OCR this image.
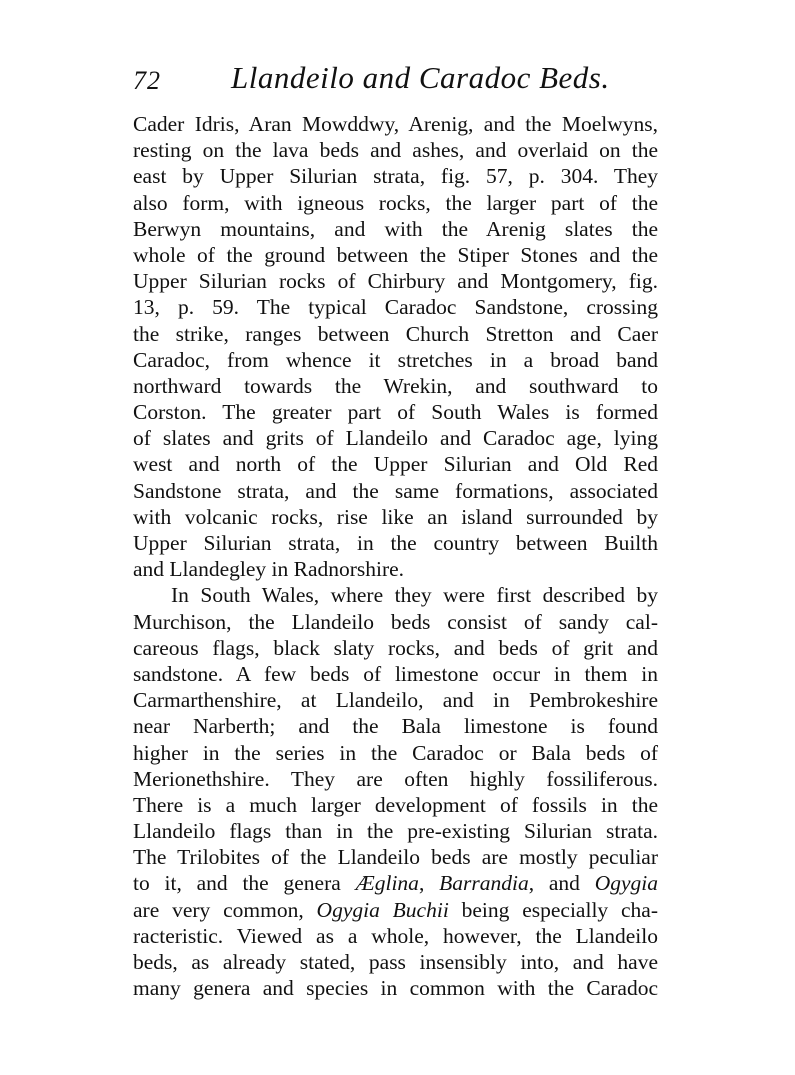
72 Llandeilo and Caradoc Beds.
Cader Idris, Aran Mowddwy, Arenig, and the Moelwyns,
resting on the lava beds and ashes, and overlaid on the
east by Upper Silurian strata, fig. 57, p. 304. They
also form, with igneous rocks, the larger part of the
Berwyn mountains, and with the Arenig slates the
whole of the ground between the Stiper Stones and the
Upper Silurian rocks of Chirbury and Montgomery, fig.
13, p. 59. The typical Caradoc Sandstone, crossing
the strike, ranges between Church Stretton and Caer
Caradoc, from whence it stretches in a broad band
northward towards the Wrekin, and southward to
Corston. The greater part of South Wales is formed
of slates and grits of Llandeilo and Caradoc age, lying
west and north of the Upper Silurian and Old Red
Sandstone strata, and the same formations, associated
with volcanic rocks, rise like an island surrounded by
Upper Silurian strata, in the country between Builth
and Llandegley in Radnorshire.
In South Wales, where they were first described by
Murchison, the Llandeilo beds consist of sandy cal-
careous flags, black slaty rocks, and beds of grit and
sandstone. A few beds of limestone occur in them in
Carmarthenshire, at Llandeilo, and in Pembrokeshire
near Narberth; and the Bala limestone is found
higher in the series in the Caradoc or Bala beds of
Merionethshire. They are often highly fossiliferous.
There is a much larger development of fossils in the
Llandeilo flags than in the pre-existing Silurian strata.
The Trilobites of the Llandeilo beds are mostly peculiar
to it, and the genera Æglina, Barrandia, and Ogygia
are very common, Ogygia Buchii being especially cha-
racteristic. Viewed as a whole, however, the Llandeilo
beds, as already stated, pass insensibly into, and have
many genera and species in common with the Caradoc
